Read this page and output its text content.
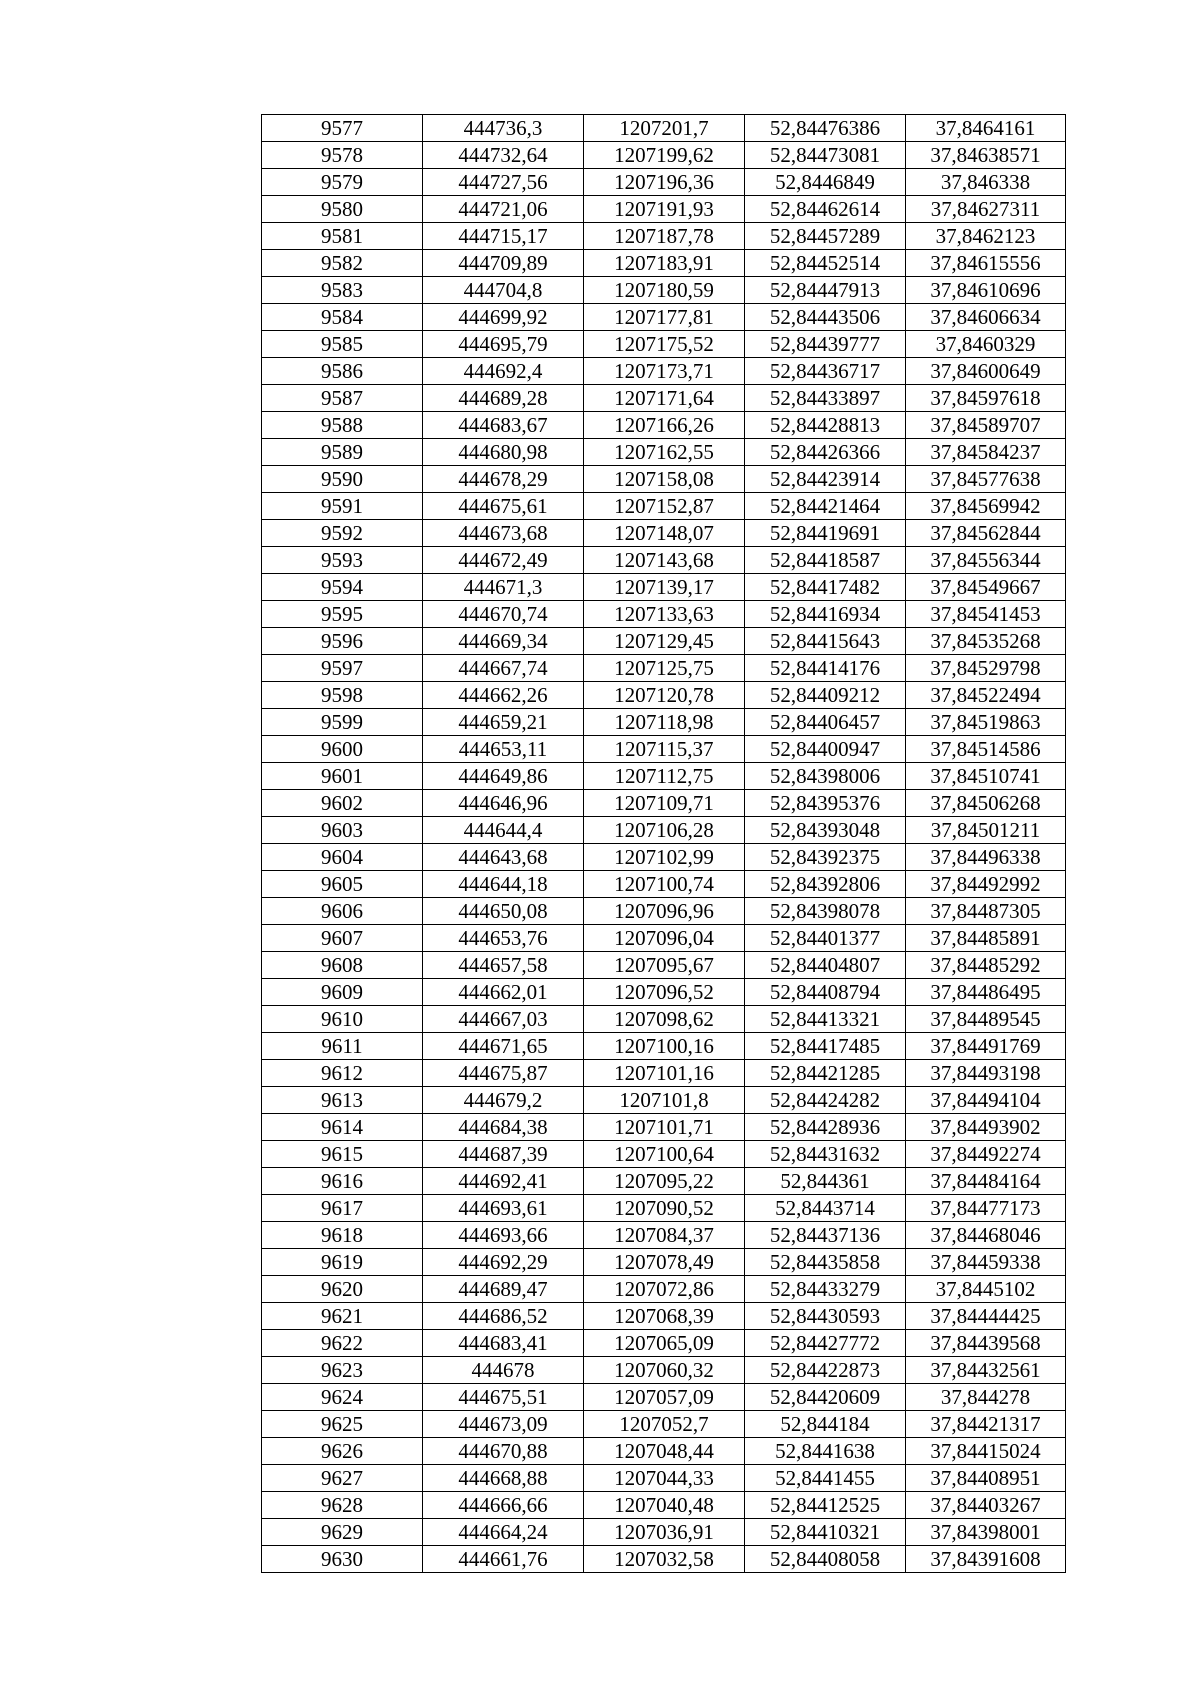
9577	444736,3	1207201,7	52,84476386	37,8464161
9578	444732,64	1207199,62	52,84473081	37,84638571
9579	444727,56	1207196,36	52,8446849	37,846338
9580	444721,06	1207191,93	52,84462614	37,84627311
9581	444715,17	1207187,78	52,84457289	37,8462123
9582	444709,89	1207183,91	52,84452514	37,84615556
9583	444704,8	1207180,59	52,84447913	37,84610696
9584	444699,92	1207177,81	52,84443506	37,84606634
9585	444695,79	1207175,52	52,84439777	37,8460329
9586	444692,4	1207173,71	52,84436717	37,84600649
9587	444689,28	1207171,64	52,84433897	37,84597618
9588	444683,67	1207166,26	52,84428813	37,84589707
9589	444680,98	1207162,55	52,84426366	37,84584237
9590	444678,29	1207158,08	52,84423914	37,84577638
9591	444675,61	1207152,87	52,84421464	37,84569942
9592	444673,68	1207148,07	52,84419691	37,84562844
9593	444672,49	1207143,68	52,84418587	37,84556344
9594	444671,3	1207139,17	52,84417482	37,84549667
9595	444670,74	1207133,63	52,84416934	37,84541453
9596	444669,34	1207129,45	52,84415643	37,84535268
9597	444667,74	1207125,75	52,84414176	37,84529798
9598	444662,26	1207120,78	52,84409212	37,84522494
9599	444659,21	1207118,98	52,84406457	37,84519863
9600	444653,11	1207115,37	52,84400947	37,84514586
9601	444649,86	1207112,75	52,84398006	37,84510741
9602	444646,96	1207109,71	52,84395376	37,84506268
9603	444644,4	1207106,28	52,84393048	37,84501211
9604	444643,68	1207102,99	52,84392375	37,84496338
9605	444644,18	1207100,74	52,84392806	37,84492992
9606	444650,08	1207096,96	52,84398078	37,84487305
9607	444653,76	1207096,04	52,84401377	37,84485891
9608	444657,58	1207095,67	52,84404807	37,84485292
9609	444662,01	1207096,52	52,84408794	37,84486495
9610	444667,03	1207098,62	52,84413321	37,84489545
9611	444671,65	1207100,16	52,84417485	37,84491769
9612	444675,87	1207101,16	52,84421285	37,84493198
9613	444679,2	1207101,8	52,84424282	37,84494104
9614	444684,38	1207101,71	52,84428936	37,84493902
9615	444687,39	1207100,64	52,84431632	37,84492274
9616	444692,41	1207095,22	52,844361	37,84484164
9617	444693,61	1207090,52	52,8443714	37,84477173
9618	444693,66	1207084,37	52,84437136	37,84468046
9619	444692,29	1207078,49	52,84435858	37,84459338
9620	444689,47	1207072,86	52,84433279	37,8445102
9621	444686,52	1207068,39	52,84430593	37,84444425
9622	444683,41	1207065,09	52,84427772	37,84439568
9623	444678	1207060,32	52,84422873	37,84432561
9624	444675,51	1207057,09	52,84420609	37,844278
9625	444673,09	1207052,7	52,844184	37,84421317
9626	444670,88	1207048,44	52,8441638	37,84415024
9627	444668,88	1207044,33	52,8441455	37,84408951
9628	444666,66	1207040,48	52,84412525	37,84403267
9629	444664,24	1207036,91	52,84410321	37,84398001
9630	444661,76	1207032,58	52,84408058	37,84391608
